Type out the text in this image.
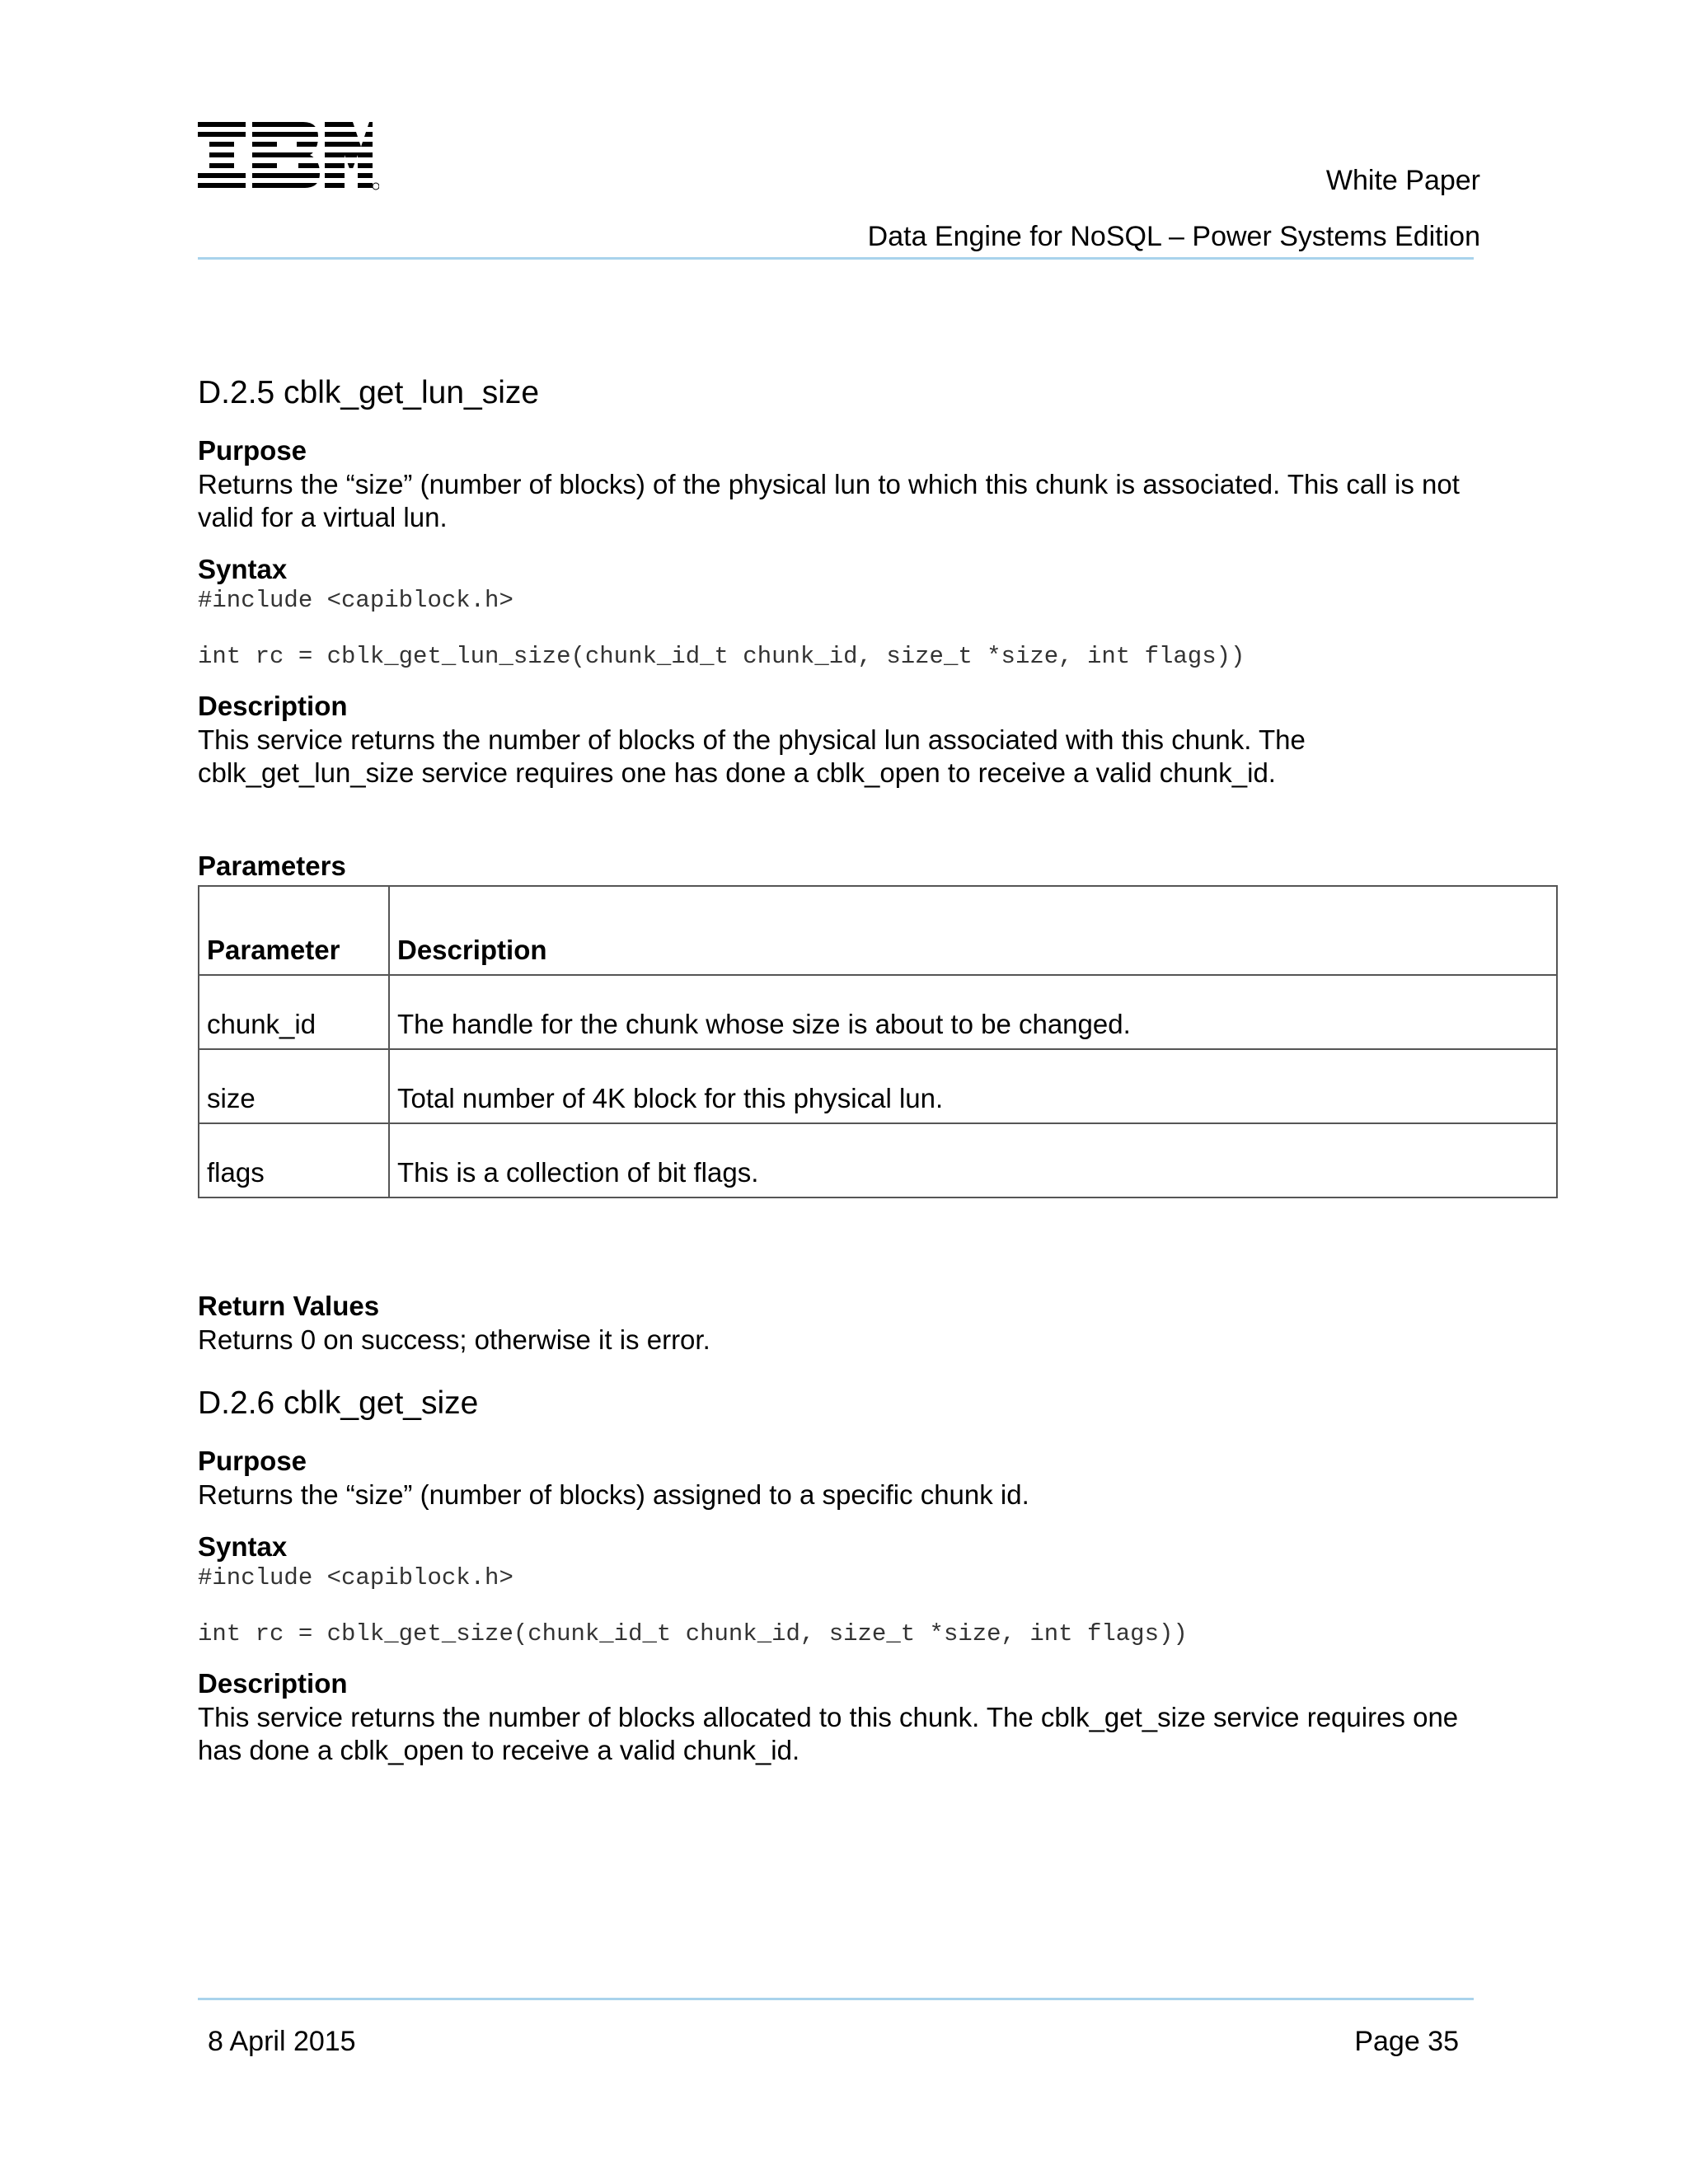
White Paper
Data Engine for NoSQL – Power Systems Edition
D.2.5 cblk_get_lun_size

Purpose

Returns the “size” (number of blocks) of the physical lun to which this chunk is associated. This call is not valid for a virtual lun.

Syntax

#include <capiblock.h>

int rc = cblk_get_lun_size(chunk_id_t chunk_id, size_t *size, int flags))

Description

This service returns the number of blocks of the physical lun associated with this chunk. The cblk_get_lun_size service requires one has done a cblk_open to receive a valid chunk_id.

Parameters

Parameter	Description
chunk_id	The handle for the chunk whose size is about to be changed.
size	Total number of 4K block for this physical lun.
flags	This is a collection of bit flags.

Return Values

Returns 0 on success; otherwise it is error.

D.2.6 cblk_get_size

Purpose

Returns the “size” (number of blocks) assigned to a specific chunk id.

Syntax

#include <capiblock.h>

int rc = cblk_get_size(chunk_id_t chunk_id, size_t *size, int flags))

Description

This service returns the number of blocks allocated to this chunk. The cblk_get_size service requires one has done a cblk_open to receive a valid chunk_id.

8 April 2015	Page 35
